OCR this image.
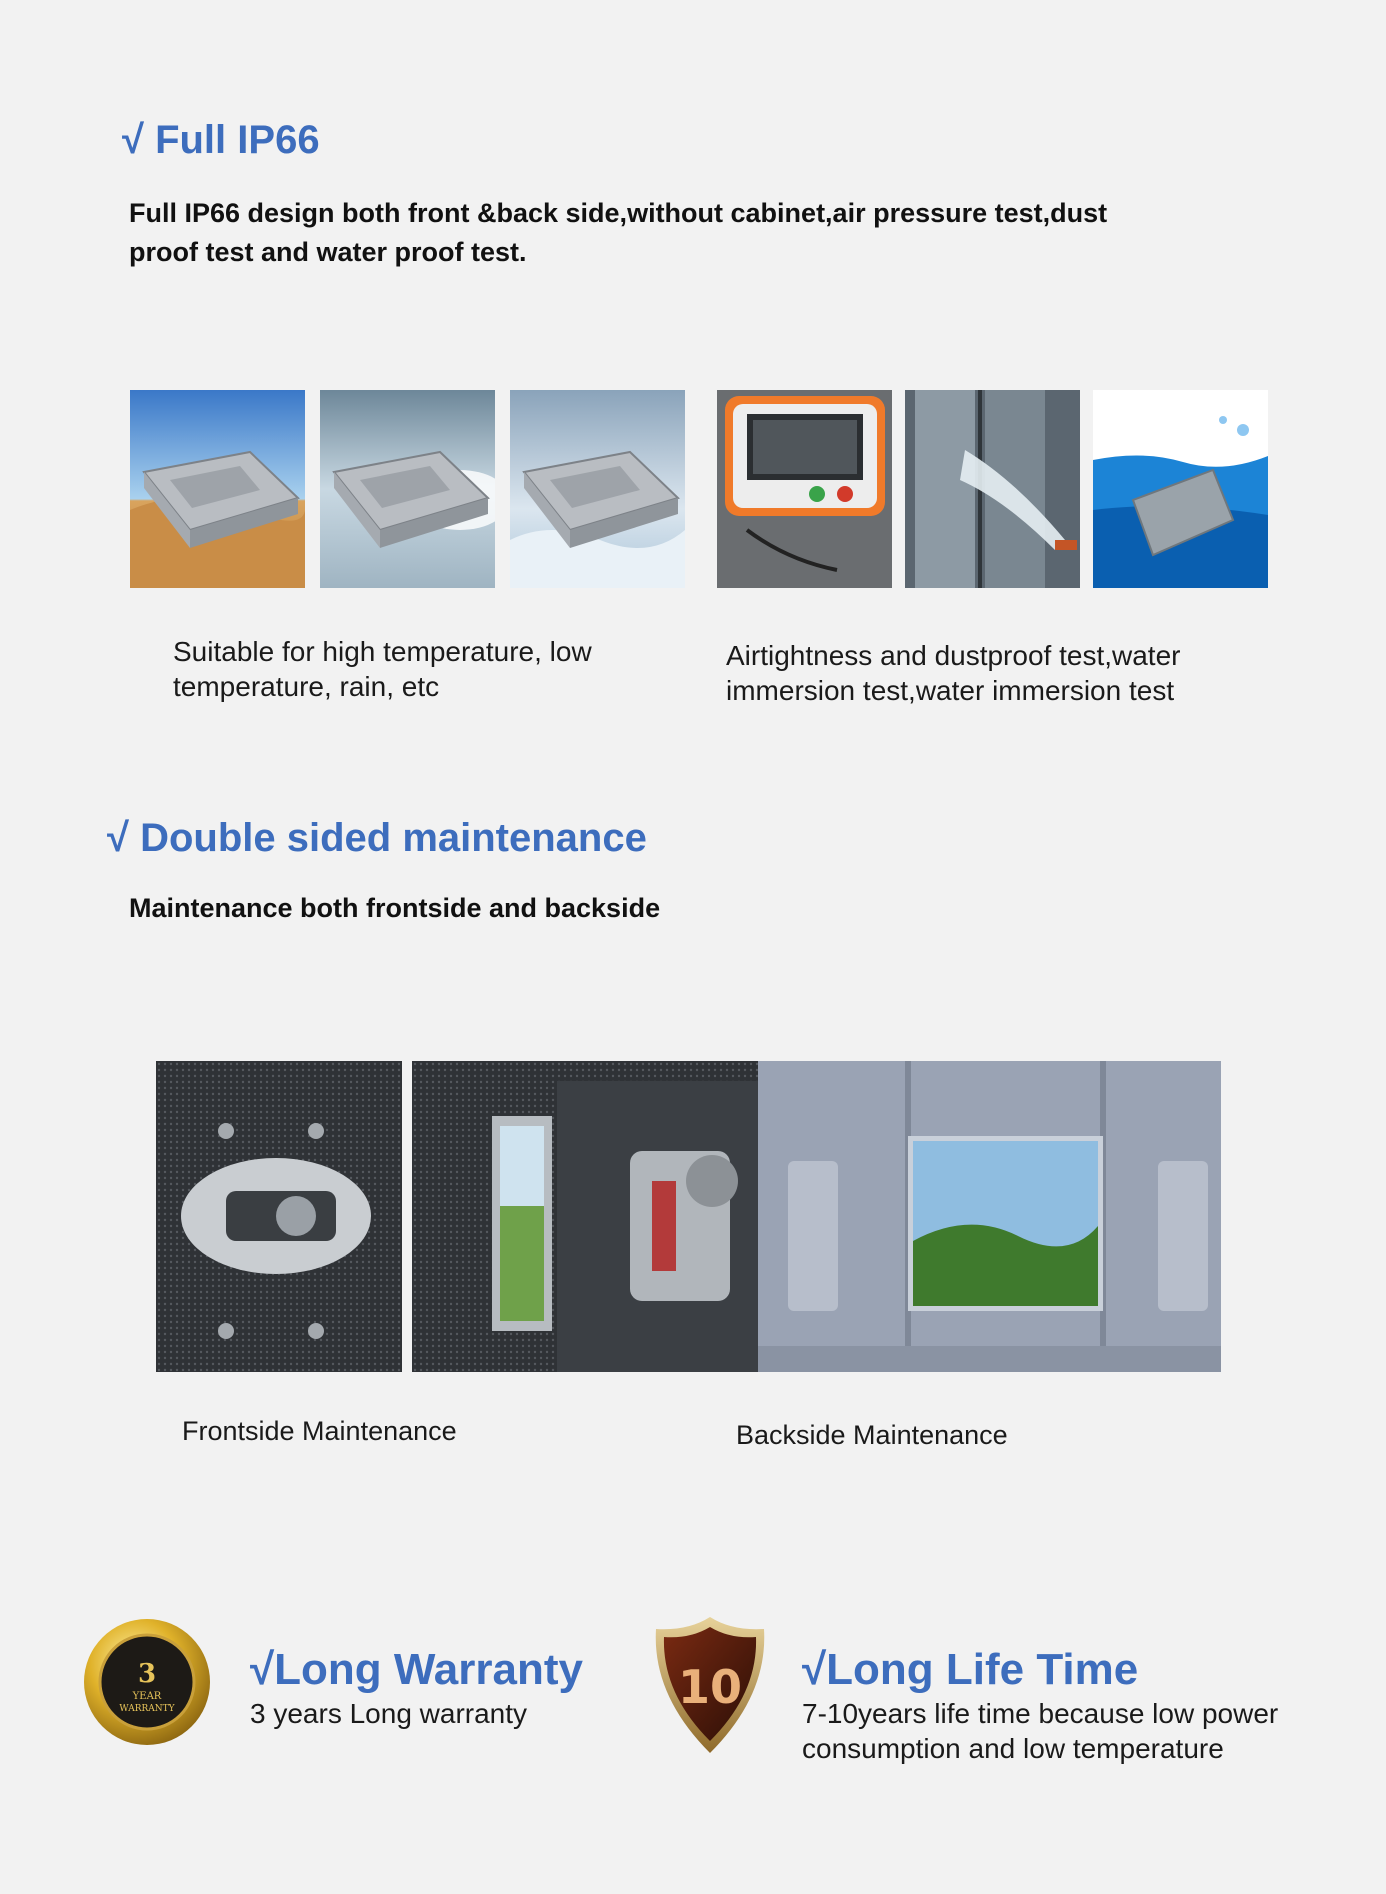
√ Full IP66
Full IP66 design both front &back side,without cabinet,air pressure test,dust proof test and water proof test.
Suitable for high temperature, low temperature, rain, etc
Airtightness and dustproof test,water immersion test,water immersion test
√ Double sided maintenance
Maintenance both frontside and backside
Frontside Maintenance	Backside Maintenance
3
YEAR
WARRANTY
√Long Warranty
3 years Long warranty	10 √Long Life Time
7-10years life time because low power consumption and low temperature
